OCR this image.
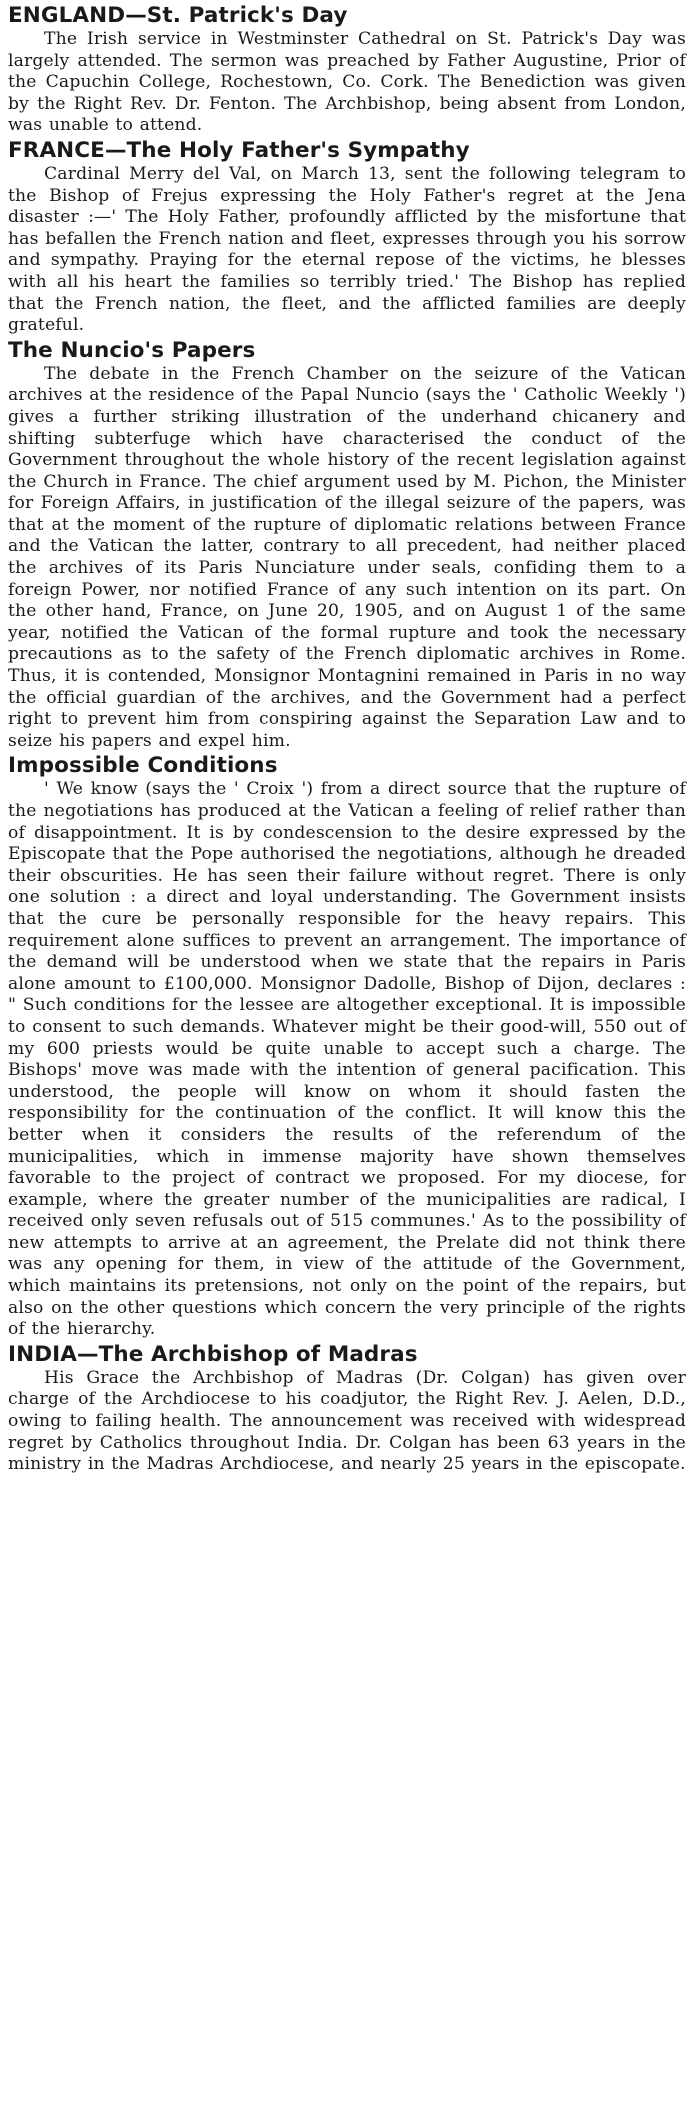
ENGLAND—St. Patrick's Day

The Irish service in Westminster Cathedral on St. Patrick's Day was largely attended. The sermon was preached by Father Augustine, Prior of the Capuchin College, Rochestown, Co. Cork. The Benediction was given by the Right Rev. Dr. Fenton. The Archbishop, being absent from London, was unable to attend.

FRANCE—The Holy Father's Sympathy

Cardinal Merry del Val, on March 13, sent the following telegram to the Bishop of Frejus expressing the Holy Father's regret at the Jena disaster :—' The Holy Father, profoundly afflicted by the misfortune that has befallen the French nation and fleet, expresses through you his sorrow and sympathy. Praying for the eternal repose of the victims, he blesses with all his heart the families so terribly tried.' The Bishop has replied that the French nation, the fleet, and the afflicted families are deeply grateful.

The Nuncio's Papers

The debate in the French Chamber on the seizure of the Vatican archives at the residence of the Papal Nuncio (says the ' Catholic Weekly ') gives a further striking illustration of the underhand chicanery and shifting subterfuge which have characterised the conduct of the Government throughout the whole history of the recent legislation against the Church in France. The chief argument used by M. Pichon, the Minister for Foreign Affairs, in justification of the illegal seizure of the papers, was that at the moment of the rupture of diplomatic relations between France and the Vatican the latter, contrary to all precedent, had neither placed the archives of its Paris Nunciature under seals, confiding them to a foreign Power, nor notified France of any such intention on its part. On the other hand, France, on June 20, 1905, and on August 1 of the same year, notified the Vatican of the formal rupture and took the necessary precautions as to the safety of the French diplomatic archives in Rome. Thus, it is contended, Monsignor Montagnini remained in Paris in no way the official guardian of the archives, and the Government had a perfect right to prevent him from conspiring against the Separation Law and to seize his papers and expel him.

Impossible Conditions

' We know (says the ' Croix ') from a direct source that the rupture of the negotiations has produced at the Vatican a feeling of relief rather than of disappointment. It is by condescension to the desire expressed by the Episcopate that the Pope authorised the negotiations, although he dreaded their obscurities. He has seen their failure without regret. There is only one solution : a direct and loyal understanding. The Government insists that the cure be personally responsible for the heavy repairs. This requirement alone suffices to prevent an arrangement. The importance of the demand will be understood when we state that the repairs in Paris alone amount to £100,000. Monsignor Dadolle, Bishop of Dijon, declares : " Such conditions for the lessee are altogether exceptional. It is impossible to consent to such demands. Whatever might be their good-will, 550 out of my 600 priests would be quite unable to accept such a charge. The Bishops' move was made with the intention of general pacification. This understood, the people will know on whom it should fasten the responsibility for the continuation of the conflict. It will know this the better when it considers the results of the referendum of the municipalities, which in immense majority have shown themselves favorable to the project of contract we proposed. For my diocese, for example, where the greater number of the municipalities are radical, I received only seven refusals out of 515 communes.' As to the possibility of new attempts to arrive at an agreement, the Prelate did not think there was any opening for them, in view of the attitude of the Government, which maintains its pretensions, not only on the point of the repairs, but also on the other questions which concern the very principle of the rights of the hierarchy.

INDIA—The Archbishop of Madras

His Grace the Archbishop of Madras (Dr. Colgan) has given over charge of the Archdiocese to his coadjutor, the Right Rev. J. Aelen, D.D., owing to failing health. The announcement was received with widespread regret by Catholics throughout India. Dr. Colgan has been 63 years in the ministry in the Madras Archdiocese, and nearly 25 years in the episcopate.
